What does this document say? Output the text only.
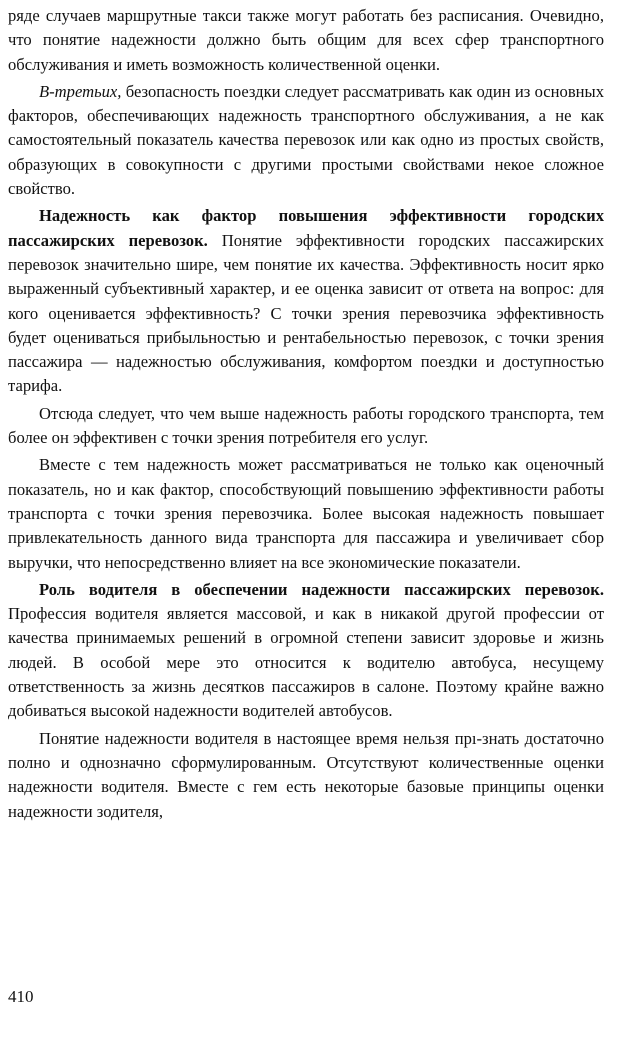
ряде случаев маршрутные такси также могут работать без расписания. Очевидно, что понятие надежности должно быть общим для всех сфер транспортного обслуживания и иметь возможность количественной оценки.

В-третьих, безопасность поездки следует рассматривать как один из основных факторов, обеспечивающих надежность транспортного обслуживания, а не как самостоятельный показатель качества перевозок или как одно из простых свойств, образующих в совокупности с другими простыми свойствами некое сложное свойство.

Надежность как фактор повышения эффективности городских пассажирских перевозок. Понятие эффективности городских пассажирских перевозок значительно шире, чем понятие их качества. Эффективность носит ярко выраженный субъективный характер, и ее оценка зависит от ответа на вопрос: для кого оценивается эффективность? С точки зрения перевозчика эффективность будет оцениваться прибыльностью и рентабельностью перевозок, с точки зрения пассажира — надежностью обслуживания, комфортом поездки и доступностью тарифа.

Отсюда следует, что чем выше надежность работы городского транспорта, тем более он эффективен с точки зрения потребителя его услуг.

Вместе с тем надежность может рассматриваться не только как оценочный показатель, но и как фактор, способствующий повышению эффективности работы транспорта с точки зрения перевозчика. Более высокая надежность повышает привлекательность данного вида транспорта для пассажира и увеличивает сбор выручки, что непосредственно влияет на все экономические показатели.

Роль водителя в обеспечении надежности пассажирских перевозок. Профессия водителя является массовой, и как в никакой другой профессии от качества принимаемых решений в огромной степени зависит здоровье и жизнь людей. В особой мере это относится к водителю автобуса, несущему ответственность за жизнь десятков пассажиров в салоне. Поэтому крайне важно добиваться высокой надежности водителей автобусов.

Понятие надежности водителя в настоящее время нельзя прı-знать достаточно полно и однозначно сформулированным. Отсутствуют количественные оценки надежности водителя. Вместе с гем есть некоторые базовые принципы оценки надежности зодителя,

410
